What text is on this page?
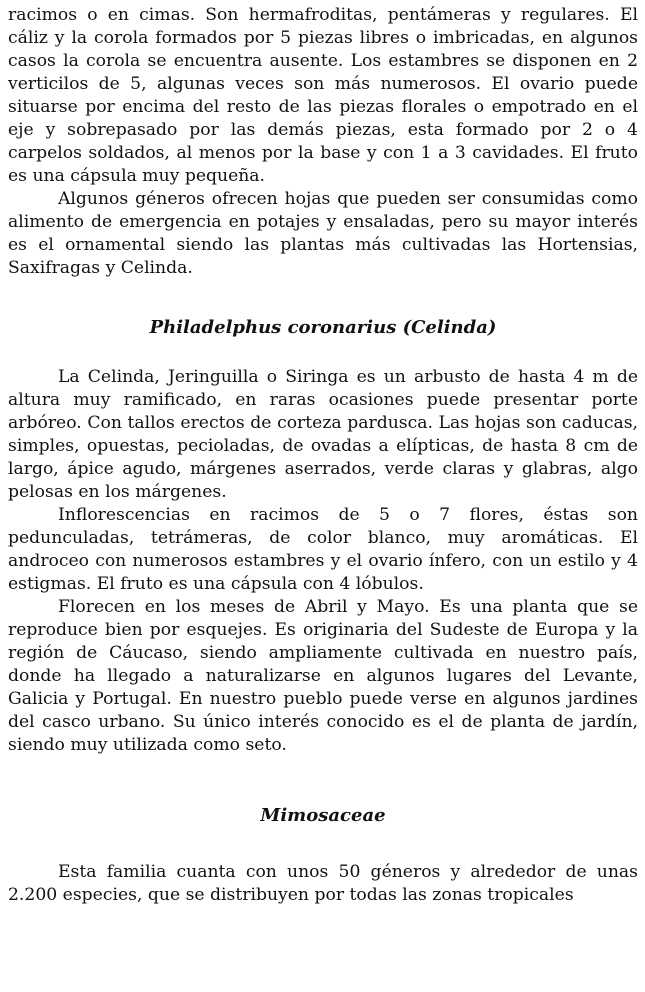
racimos o en cimas. Son hermafroditas, pentámeras y regulares. El cáliz y la corola formados por 5 piezas libres o imbricadas, en algunos casos la corola se encuentra ausente. Los estambres se disponen en 2 verticilos de 5, algunas veces son más numerosos. El ovario puede situarse por encima del resto de las piezas florales o empotrado en el eje y sobrepasado por las demás piezas, esta formado por 2 o 4 carpelos soldados, al menos por la base y con 1 a 3 cavidades. El fruto es una cápsula muy pequeña.

Algunos géneros ofrecen hojas que pueden ser consumidas como alimento de emergencia en potajes y ensaladas, pero su mayor interés es el ornamental siendo las plantas más cultivadas las Hortensias, Saxifragas y Celinda.

Philadelphus coronarius (Celinda)

La Celinda, Jeringuilla o Siringa es un arbusto de hasta 4 m de altura muy ramificado, en raras ocasiones puede presentar porte arbóreo. Con tallos erectos de corteza pardusca. Las hojas son caducas, simples, opuestas, pecioladas, de ovadas a elípticas, de hasta 8 cm de largo, ápice agudo, márgenes aserrados, verde claras y glabras, algo pelosas en los márgenes.

Inflorescencias en racimos de 5 o 7 flores, éstas son pedunculadas, tetrámeras, de color blanco, muy aromáticas. El androceo con numerosos estambres y el ovario ínfero, con un estilo y 4 estigmas. El fruto es una cápsula con 4 lóbulos.

Florecen en los meses de Abril y Mayo. Es una planta que se reproduce bien por esquejes. Es originaria del Sudeste de Europa y la región de Cáucaso, siendo ampliamente cultivada en nuestro país, donde ha llegado a naturalizarse en algunos lugares del Levante, Galicia y Portugal. En nuestro pueblo puede verse en algunos jardines del casco urbano. Su único interés conocido es el de planta de jardín, siendo muy utilizada como seto.

Mimosaceae

Esta familia cuanta con unos 50 géneros y alrededor de unas 2.200 especies, que se distribuyen por todas las zonas tropicales
